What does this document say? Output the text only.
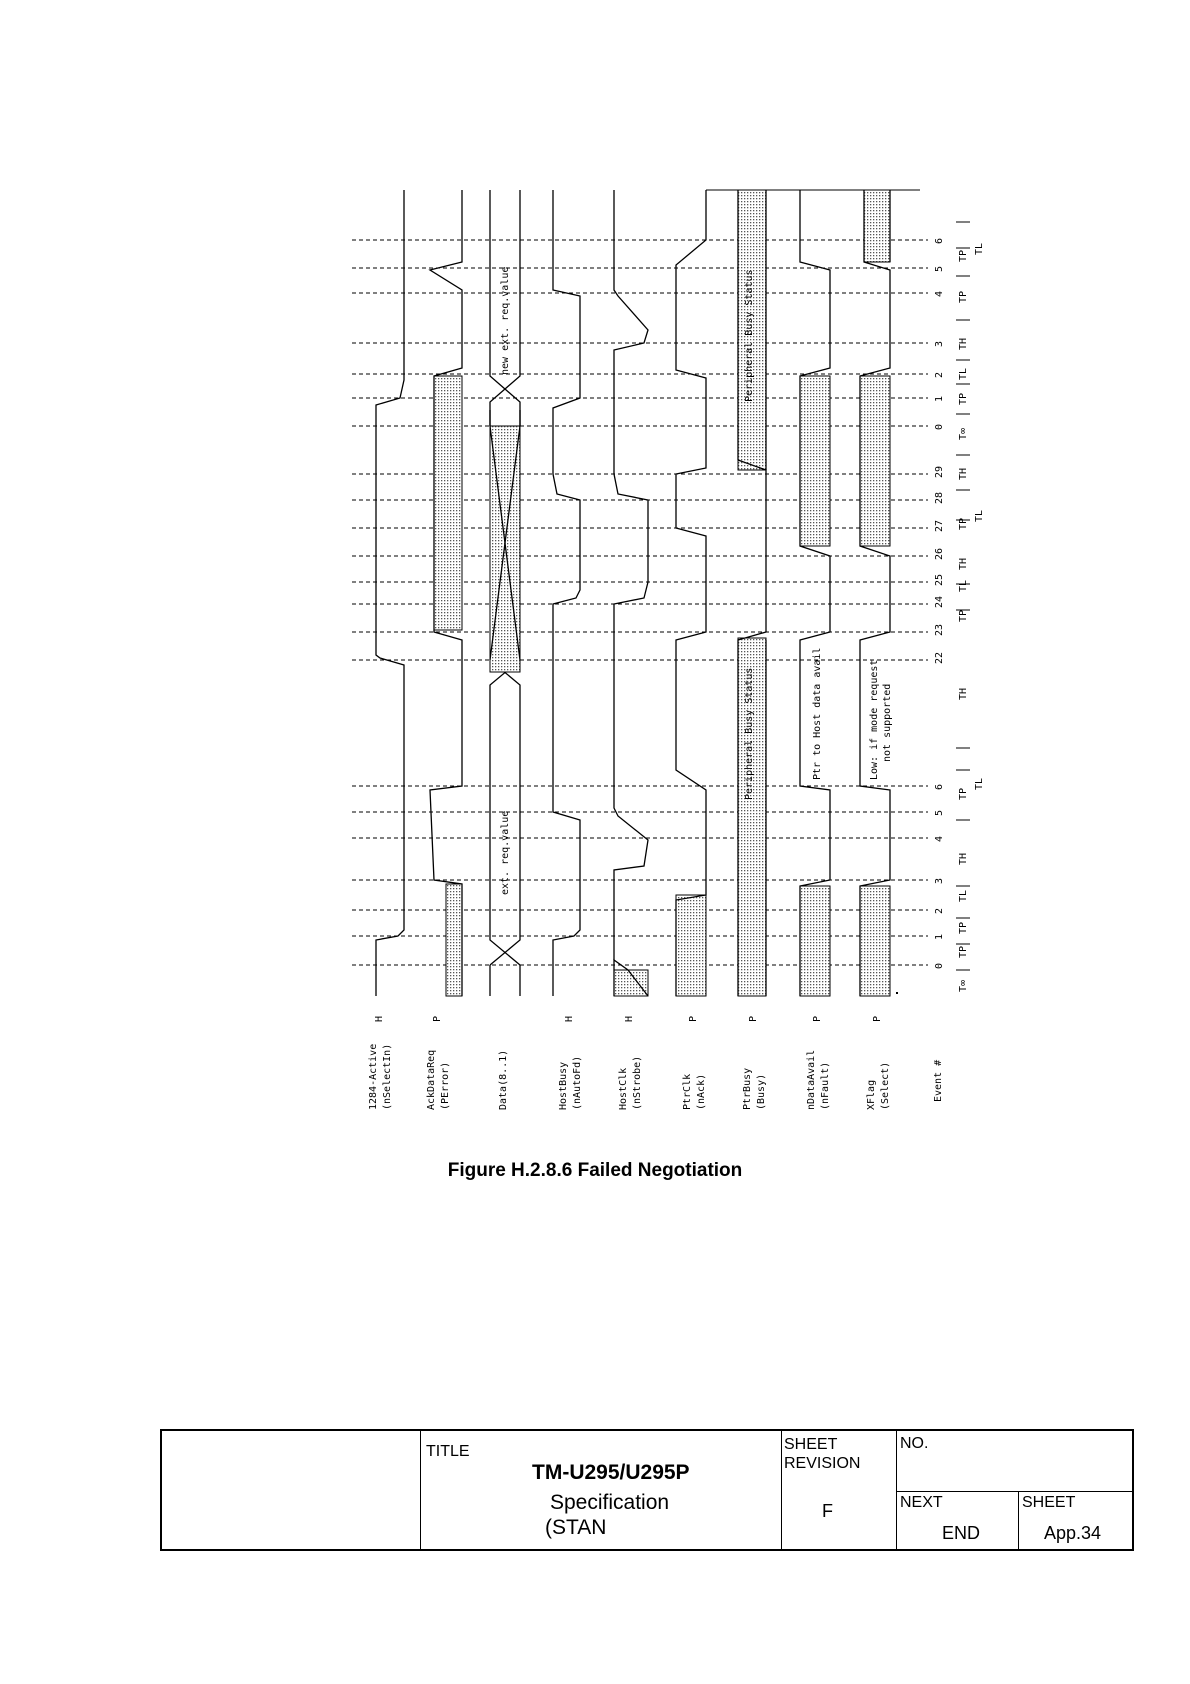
0
1
2
3
4
5
6
22
23
24
25
26
27
28
29
0
1
2
3
4
5
6
1284-Active (nSelectIn)
H
AckDataReq (PError)
P
Data(8..1)	HostBusy (nAutoFd)
H
HostClk (nStrobe)
H
PtrClk (nAck)
P
PtrBusy (Busy)
P
nDataAvail (nFault)
P
XFlag (Select)
P
Event #
ext. req.value
new ext. req.value	Peripheral Busy Status
Peripheral Busy Status	Ptr to Host data avail	Low: if mode request not supported
T∞
TP
TP
TL
TH
TP
TL
TH
TP
TL
TH
TP
TL
TH
T∞
TP
TL
TH
TP
TP
TL
Figure H.2.8.6 Failed Negotiation
TITLE
TM-U295/U295P
Specification
(STAN
SHEET
REVISION
F
NO.
NEXT
END
SHEET
App.34
